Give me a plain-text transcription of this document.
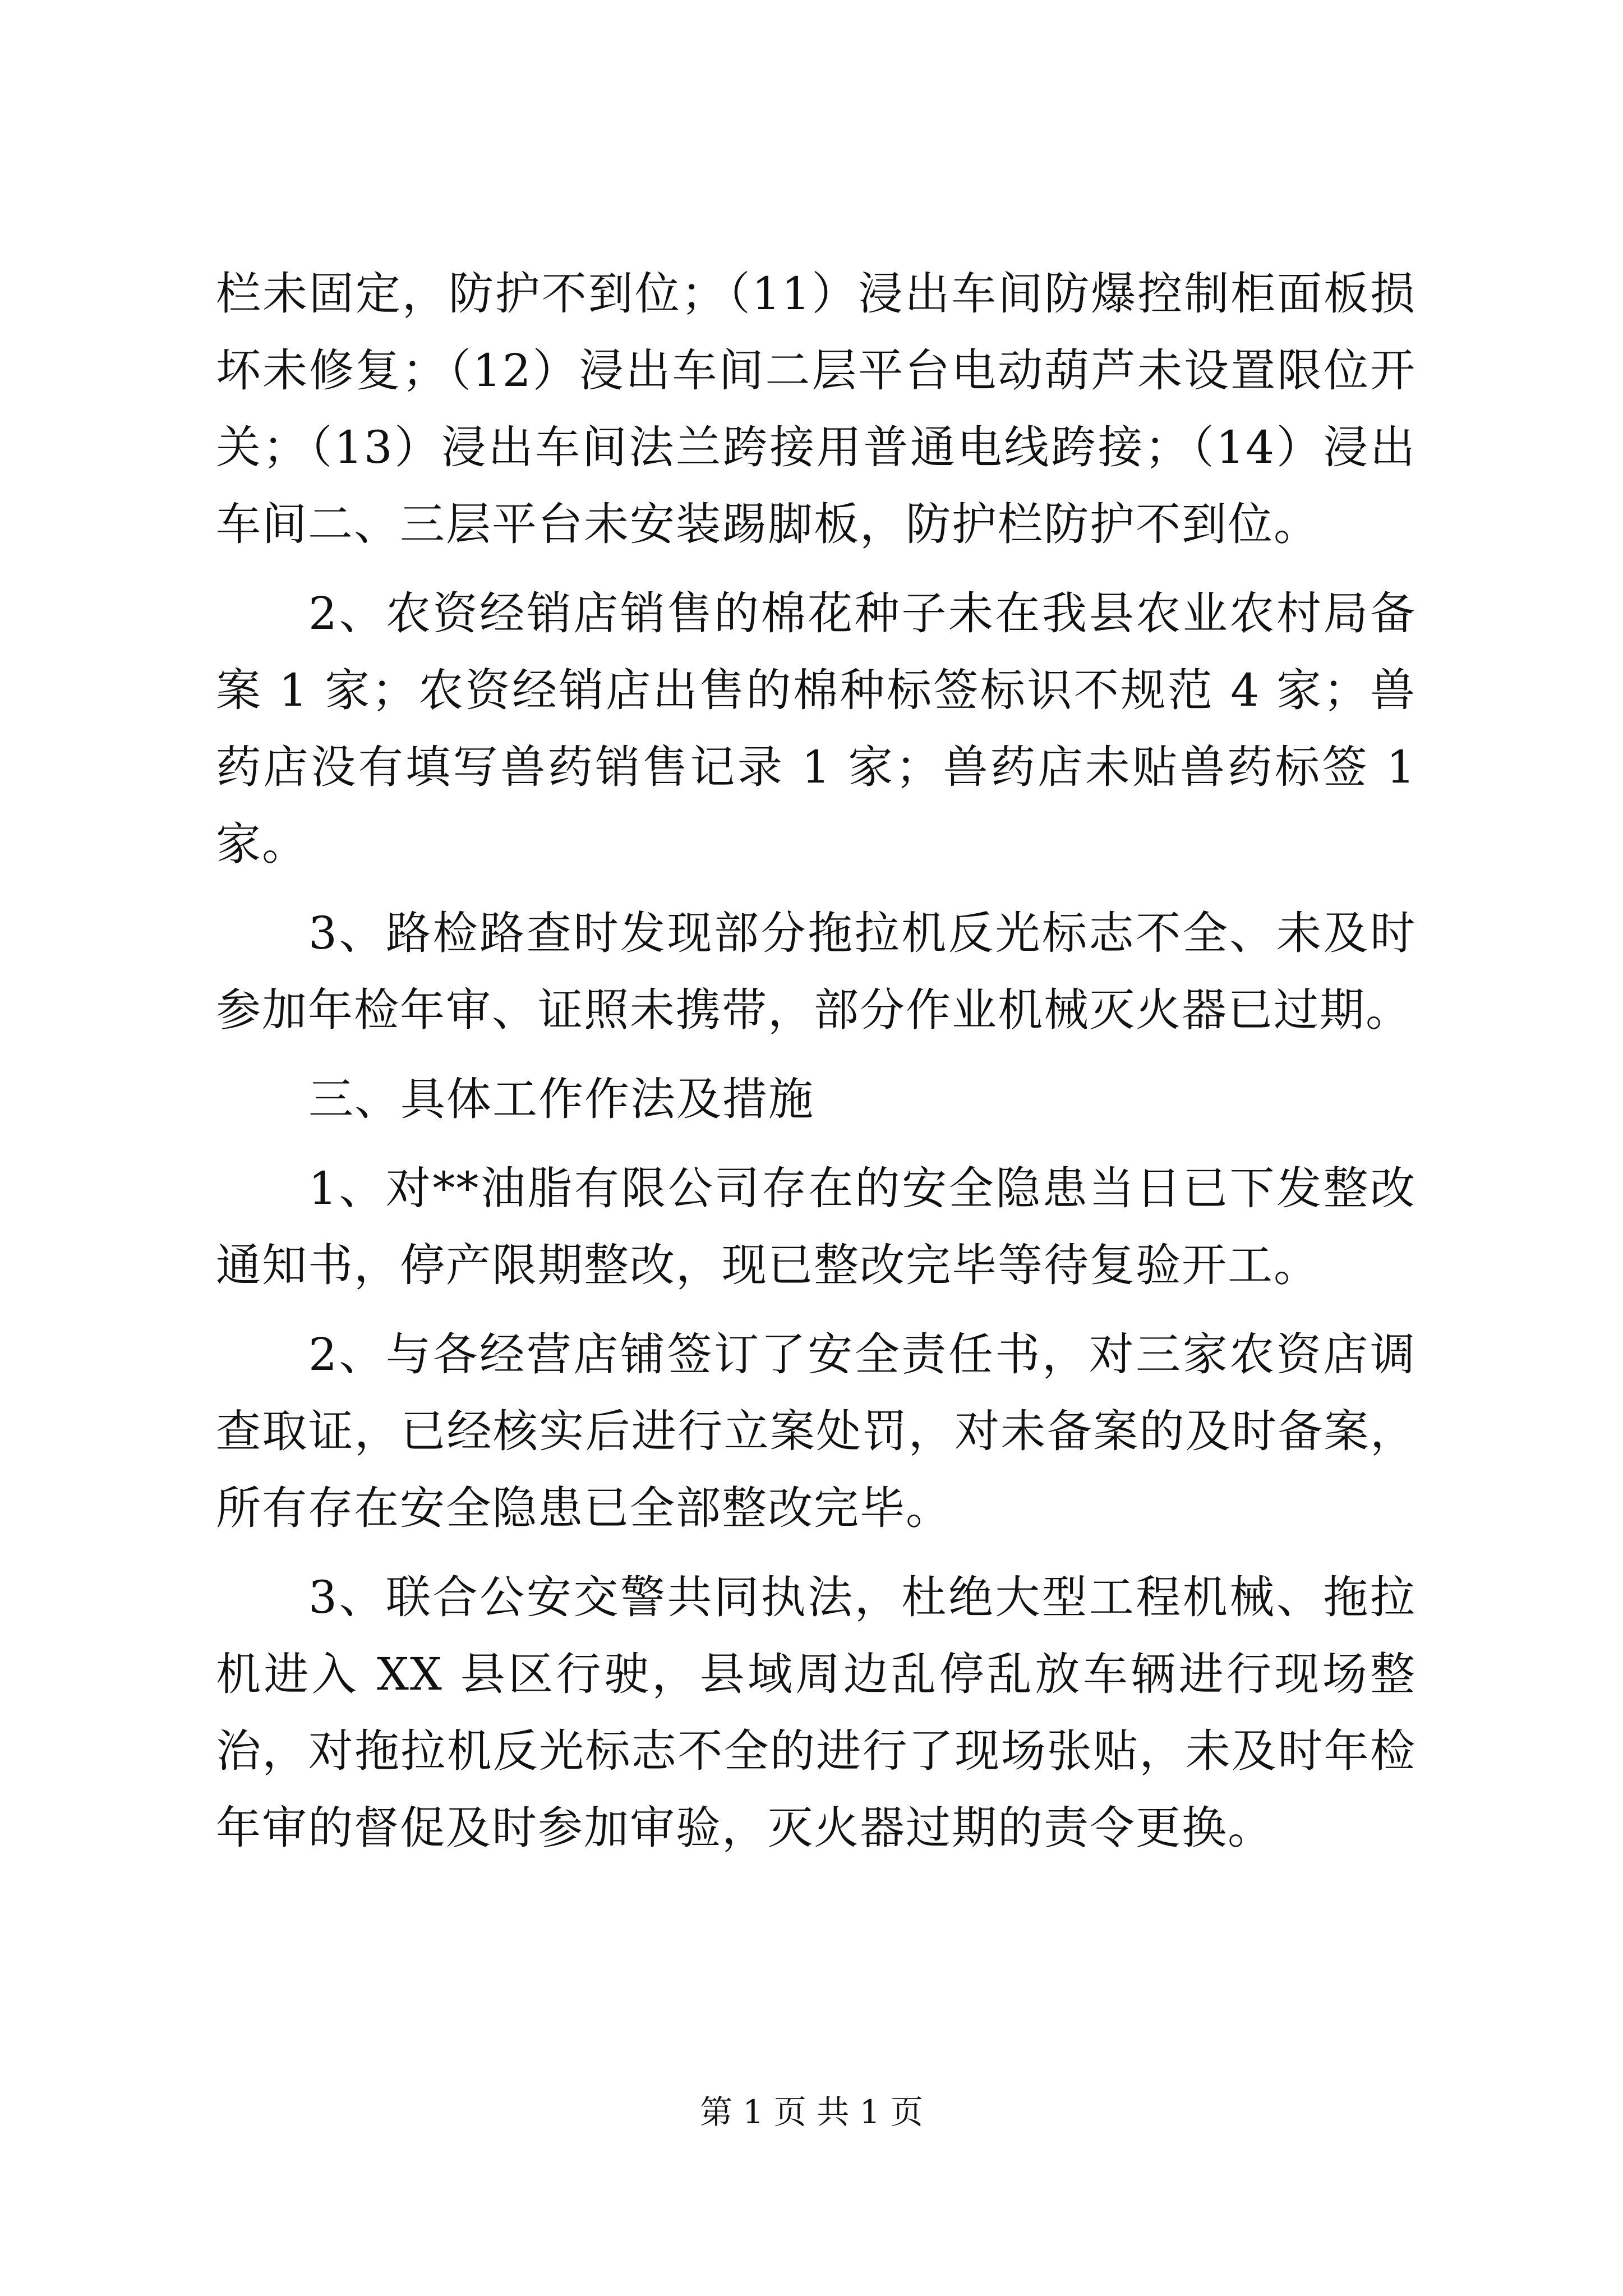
栏未固定，防护不到位；（11）浸出车间防爆控制柜面板损坏未修复；（12）浸出车间二层平台电动葫芦未设置限位开关；（13）浸出车间法兰跨接用普通电线跨接；（14）浸出车间二、三层平台未安装踢脚板，防护栏防护不到位。

2、农资经销店销售的棉花种子未在我县农业农村局备案 1 家；农资经销店出售的棉种标签标识不规范 4 家；兽药店没有填写兽药销售记录 1 家；兽药店未贴兽药标签 1 家。

3、路检路查时发现部分拖拉机反光标志不全、未及时参加年检年审、证照未携带，部分作业机械灭火器已过期。

三、具体工作作法及措施

1、对**油脂有限公司存在的安全隐患当日已下发整改通知书，停产限期整改，现已整改完毕等待复验开工。

2、与各经营店铺签订了安全责任书，对三家农资店调查取证，已经核实后进行立案处罚，对未备案的及时备案，所有存在安全隐患已全部整改完毕。

3、联合公安交警共同执法，杜绝大型工程机械、拖拉机进入 XX 县区行驶，县域周边乱停乱放车辆进行现场整治，对拖拉机反光标志不全的进行了现场张贴，未及时年检年审的督促及时参加审验，灭火器过期的责令更换。

第 1 页 共 1 页
